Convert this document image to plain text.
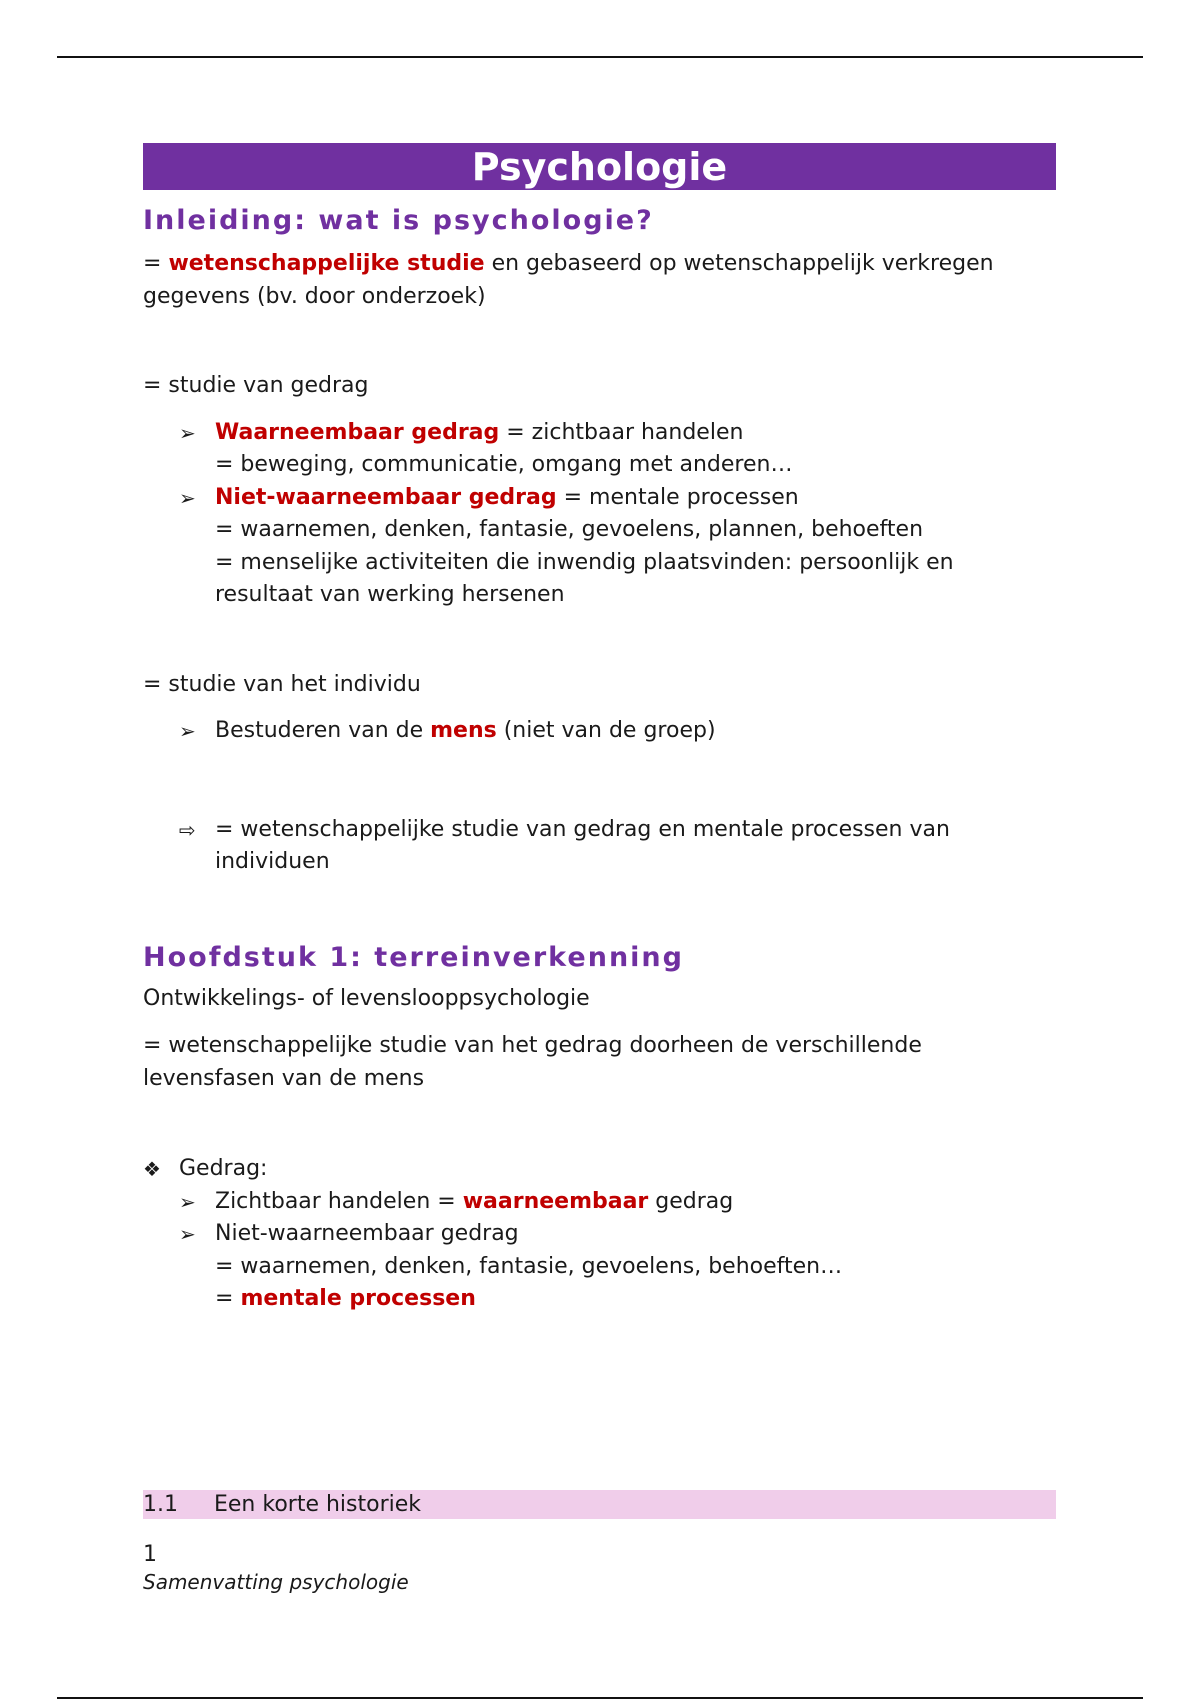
Psychologie
Inleiding: wat is psychologie?

= wetenschappelijke studie en gebaseerd op wetenschappelijk verkregen gegevens (bv. door onderzoek)

= studie van gedrag

➢ Waarneembaar gedrag = zichtbaar handelen
= beweging, communicatie, omgang met anderen…
➢ Niet-waarneembaar gedrag = mentale processen
= waarnemen, denken, fantasie, gevoelens, plannen, behoeften
= menselijke activiteiten die inwendig plaatsvinden: persoonlijk en resultaat van werking hersenen

= studie van het individu

➢ Bestuderen van de mens (niet van de groep)
⇨ = wetenschappelijke studie van gedrag en mentale processen van individuen
Hoofdstuk 1: terreinverkenning

Ontwikkelings- of levenslooppsychologie

= wetenschappelijke studie van het gedrag doorheen de verschillende levensfasen van de mens

❖ Gedrag:
➢ Zichtbaar handelen = waarneembaar gedrag
➢ Niet-waarneembaar gedrag
= waarnemen, denken, fantasie, gevoelens, behoeften…
= mentale processen
1.1 Een korte historiek
1
Samenvatting psychologie
